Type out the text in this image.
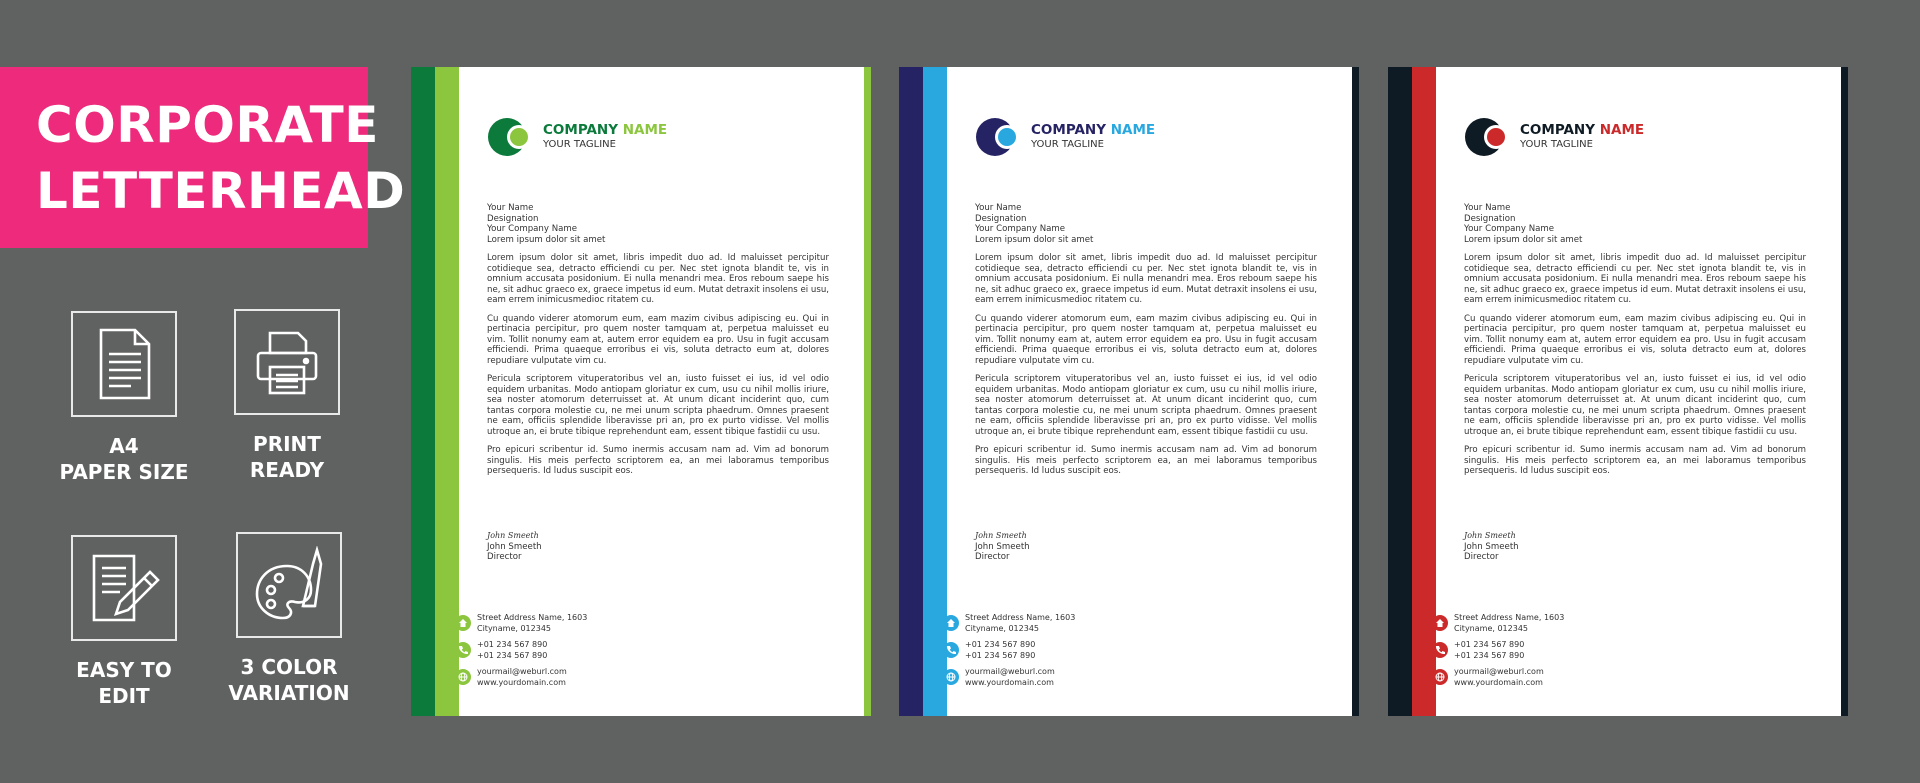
CORPORATE
LETTERHEAD
A4
PAPER SIZE
PRINT
READY
EASY TO
EDIT
3 COLOR
VARIATION
COMPANY NAME
YOUR TAGLINE

Your Name

Designation

Your Company Name

Lorem ipsum dolor sit amet

Lorem ipsum dolor sit amet, libris impedit duo ad. Id maluisset percipitur cotidieque sea, detracto efficiendi cu per. Nec stet ignota blandit te, vis in omnium accusata posidonium. Ei nulla menandri mea. Eros reboum saepe his ne, sit adhuc graeco ex, graece impetus id eum. Mutat detraxit insolens ei usu, eam errem inimicusmedioc ritatem cu.

Cu quando viderer atomorum eum, eam mazim civibus adipiscing eu. Qui in pertinacia percipitur, pro quem noster tamquam at, perpetua maluisset eu vim. Tollit nonumy eam at, autem error equidem ea pro. Usu in fugit accusam efficiendi. Prima quaeque erroribus ei vis, soluta detracto eum at, dolores repudiare vulputate vim cu.

Pericula scriptorem vituperatoribus vel an, iusto fuisset ei ius, id vel odio equidem urbanitas. Modo antiopam gloriatur ex cum, usu cu nihil mollis iriure, sea noster atomorum deterruisset at. At unum dicant inciderint quo, cum tantas corpora molestie cu, ne mei unum scripta phaedrum. Omnes praesent ne eam, officiis splendide liberavisse pri an, pro ex purto vidisse. Vel mollis utroque an, ei brute tibique reprehendunt eam, essent tibique fastidii cu usu.

Pro epicuri scribentur id. Sumo inermis accusam nam ad. Vim ad bonorum singulis. His meis perfecto scriptorem ea, an mei laboramus temporibus persequeris. Id ludus suscipit eos.

John Smeeth
John Smeeth
Director
Street Address Name, 1603
Cityname, 012345
+01 234 567 890
+01 234 567 890
yourmail@weburl.com
www.yourdomain.com
COMPANY NAME
YOUR TAGLINE

Your Name

Designation

Your Company Name

Lorem ipsum dolor sit amet

Lorem ipsum dolor sit amet, libris impedit duo ad. Id maluisset percipitur cotidieque sea, detracto efficiendi cu per. Nec stet ignota blandit te, vis in omnium accusata posidonium. Ei nulla menandri mea. Eros reboum saepe his ne, sit adhuc graeco ex, graece impetus id eum. Mutat detraxit insolens ei usu, eam errem inimicusmedioc ritatem cu.

Cu quando viderer atomorum eum, eam mazim civibus adipiscing eu. Qui in pertinacia percipitur, pro quem noster tamquam at, perpetua maluisset eu vim. Tollit nonumy eam at, autem error equidem ea pro. Usu in fugit accusam efficiendi. Prima quaeque erroribus ei vis, soluta detracto eum at, dolores repudiare vulputate vim cu.

Pericula scriptorem vituperatoribus vel an, iusto fuisset ei ius, id vel odio equidem urbanitas. Modo antiopam gloriatur ex cum, usu cu nihil mollis iriure, sea noster atomorum deterruisset at. At unum dicant inciderint quo, cum tantas corpora molestie cu, ne mei unum scripta phaedrum. Omnes praesent ne eam, officiis splendide liberavisse pri an, pro ex purto vidisse. Vel mollis utroque an, ei brute tibique reprehendunt eam, essent tibique fastidii cu usu.

Pro epicuri scribentur id. Sumo inermis accusam nam ad. Vim ad bonorum singulis. His meis perfecto scriptorem ea, an mei laboramus temporibus persequeris. Id ludus suscipit eos.

John Smeeth
John Smeeth
Director
Street Address Name, 1603
Cityname, 012345
+01 234 567 890
+01 234 567 890
yourmail@weburl.com
www.yourdomain.com
COMPANY NAME
YOUR TAGLINE

Your Name

Designation

Your Company Name

Lorem ipsum dolor sit amet

Lorem ipsum dolor sit amet, libris impedit duo ad. Id maluisset percipitur cotidieque sea, detracto efficiendi cu per. Nec stet ignota blandit te, vis in omnium accusata posidonium. Ei nulla menandri mea. Eros reboum saepe his ne, sit adhuc graeco ex, graece impetus id eum. Mutat detraxit insolens ei usu, eam errem inimicusmedioc ritatem cu.

Cu quando viderer atomorum eum, eam mazim civibus adipiscing eu. Qui in pertinacia percipitur, pro quem noster tamquam at, perpetua maluisset eu vim. Tollit nonumy eam at, autem error equidem ea pro. Usu in fugit accusam efficiendi. Prima quaeque erroribus ei vis, soluta detracto eum at, dolores repudiare vulputate vim cu.

Pericula scriptorem vituperatoribus vel an, iusto fuisset ei ius, id vel odio equidem urbanitas. Modo antiopam gloriatur ex cum, usu cu nihil mollis iriure, sea noster atomorum deterruisset at. At unum dicant inciderint quo, cum tantas corpora molestie cu, ne mei unum scripta phaedrum. Omnes praesent ne eam, officiis splendide liberavisse pri an, pro ex purto vidisse. Vel mollis utroque an, ei brute tibique reprehendunt eam, essent tibique fastidii cu usu.

Pro epicuri scribentur id. Sumo inermis accusam nam ad. Vim ad bonorum singulis. His meis perfecto scriptorem ea, an mei laboramus temporibus persequeris. Id ludus suscipit eos.

John Smeeth
John Smeeth
Director
Street Address Name, 1603
Cityname, 012345
+01 234 567 890
+01 234 567 890
yourmail@weburl.com
www.yourdomain.com
